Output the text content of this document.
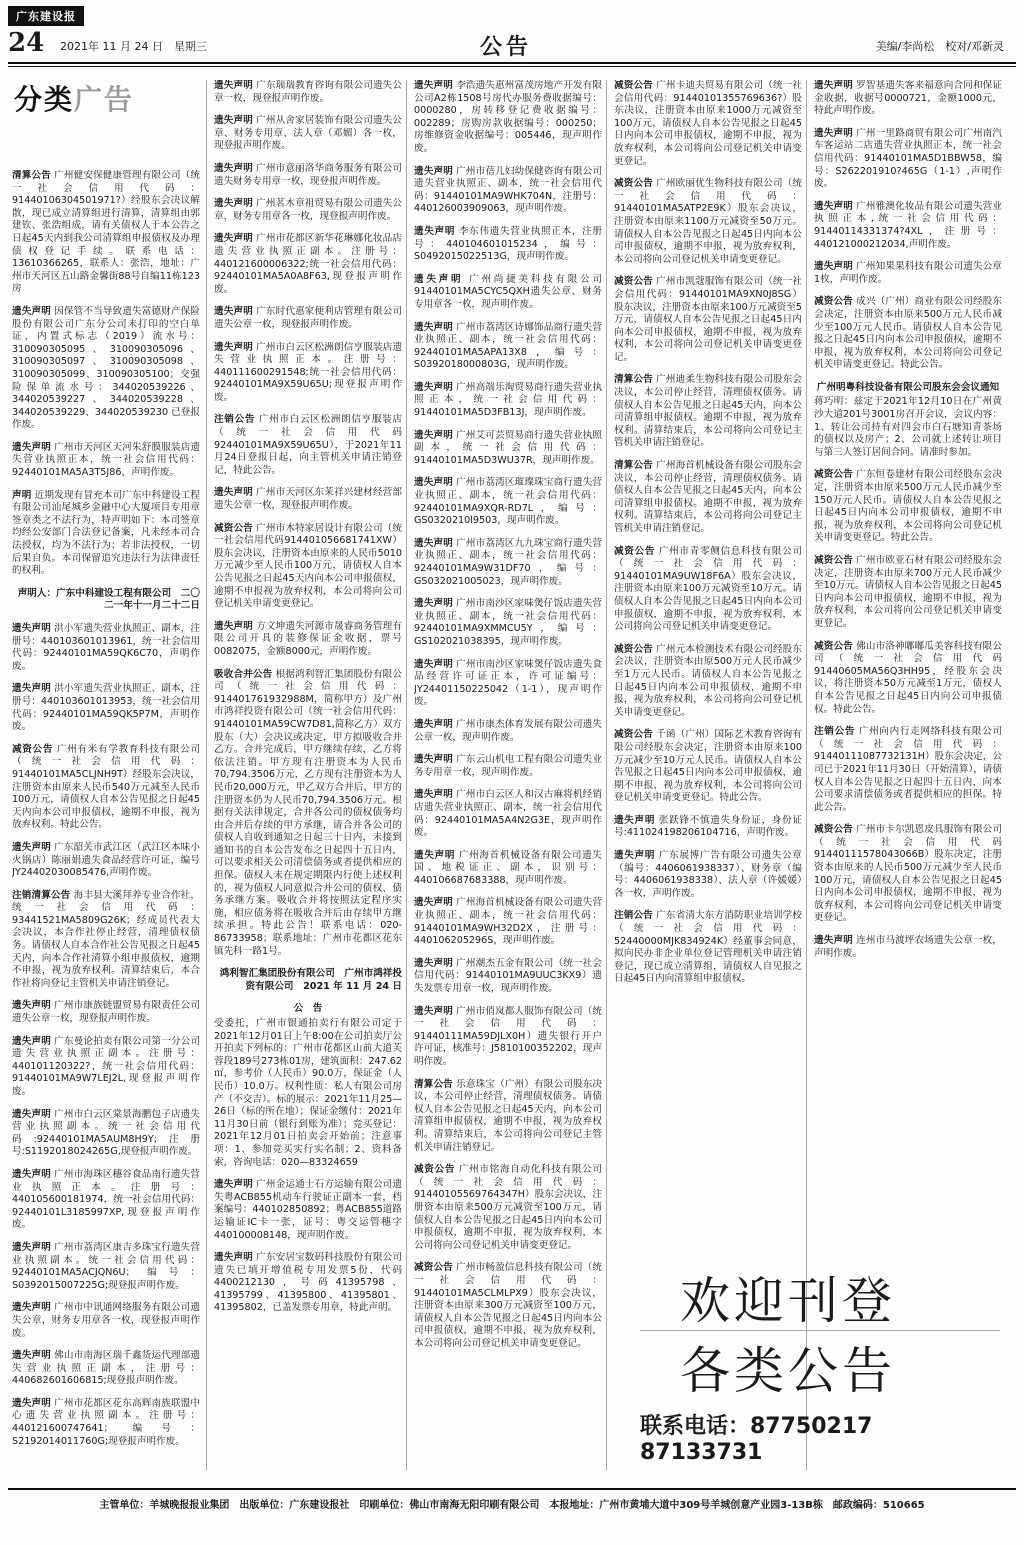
广东建设报
24 2021年 11 月 24 日　星期三	公告	美编/李尚松　校对/邓新灵
分类广告
清算公告 广州健安保健康管理有限公司（统一社会信用代码：91440106304501971?）经股东会决议解散，现已成立清算组进行清算，清算组由郭建钦、张浩组成，请有关债权人于本公告之日起45天内到我公司清算组申报债权及办理债权登记手续。联系电话：13610366265，联系人：张浩，地址：广州市天河区五山路金馨街88号自编11栋123房
遗失声明 因保管不当导致遗失富德财产保险股份有限公司广东分公司未打印的空白单证，内置式标志（2019）流水号：310090305095、310090305096、310090305097、310090305098、310090305099、310090305100；交强险保单流水号：344020539226、344020539227、344020539228、344020539229、344020539230 已登报作废。
遗失声明 广州市天河区天河朱舒膜服装店遗失营业执照正本，统一社会信用代码：92440101MA5A3T5J86，声明作废。
声明 近期发现有冒充本司广东中科建设工程有限公司汕尾城乡金融中心大厦项目专用章签章类之不法行为，特声明如下：本司签章均经公安部门合法登记备案，凡未经本司合法授权，均为不法行为；若非法授权，一切后果自负。本司保留追究违法行为法律责任的权利。
声明人：广东中科建设工程有限公司　二〇二一年十一月二十二日
遗失声明 洪小军遗失营业执照正、副本，注册号：440103601013961，统一社会信用代码：92440101MA59QK6C70，声明作废。
遗失声明 洪小军遗失营业执照正、副本，注册号：440103601013953，统一社会信用代码：92440101MA59QK5P7M，声明作废。
减资公告 广州有米有学教育科技有限公司（统一社会信用代码：91440101MA5CLJNH9T）经股东会决议，注册资本由原来人民币540万元减至人民币100万元，请债权人自本公告见报之日起45天内向本公司申报债权，逾期不申报，视为放弃权利。特此公告。
遗失声明 广东韶关市武江区（武江区本味小火锅店）陈丽娟遗失食品经营许可证，编号JY24402030085476,声明作废。
注销清算公告 海丰县大溪拜养专业合作社，统一社会信用代码：93441521MA5809G26K；经成员代表大会决议，本合作社停止经营，清理债权债务。请债权人自本合作社公告见报之日起45天内，向本合作社清算小组申报债权，逾期不申报，视为放弃权利。清算结束后，本合作社将向登记主管机关申请注销登记。
遗失声明 广州市康族链盟贸易有限责任公司遗失公章一枚，现登报声明作废。
遗失声明 广东曼论拍卖有限公司第一分公司遗失营业执照正副本。注册号：440101120322?，统一社会信用代码：91440101MA9W7LEJ2L,现登报声明作废。
遗失声明 广州市白云区棠景海鹏包子店遗失营业执照副本。统一社会信用代码:92440101MA5AUM8H9Y;注册号:S1192018024265G,现登报声明作废。
遗失声明 广州市海珠区穗谷食品南行遗失营业执照正本。注册号：440105600181974，统一社会信用代码：92440101L3185997XP,现登报声明作废。
遗失声明 广州市荔湾区康吉多珠宝行遗失营业执照副本。统一社会信用代码：92440101MA5ACJQN6U；编号：S0392015007225G;现登报声明作废。
遗失声明 广州市中讯通网络服务有限公司遗失公章，财务专用章各一枚，现登报声明作废。
遗失声明 佛山市南海区瑞千鑫货运代理部遗失营业执照正副本，注册号：440682601606815;现登报声明作废。
遗失声明 广州市花都区花东高辉南族联盟中心遗失营业执照副本。注册号：440121600747641；编号：S2192014011760G;现登报声明作废。
遗失声明 广东瑞瑞教育咨询有限公司遗失公章一枚，现登报声明作废。
遗失声明 广州从舍家居装饰有限公司遗失公章、财务专用章、法人章（邓媚）各一枚，现登报声明作废。
遗失声明 广州市意丽洛华商务服务有限公司遗失财务专用章一枚，现登报声明作废。
遗失声明 广州茗木章祖贸易有限公司遗失公章，财务专用章各一枚，现登报声明作废。
遗失声明 广州市花都区新华花琳娜化妆品店遗失营业执照正副本。注册号：440121600006322;统一社会信用代码：92440101MA5A0A8F63,现登报声明作废。
遗失声明 广东时代惠家便利店管理有限公司遗失公章一枚，现登报声明作废。
遗失声明 广州市白云区松洲朗信亨服装店遗失营业执照正本。注册号：440111600291548;统一社会信用代码：92440101MA9X59U65U;现登报声明作废。
注销公告 广州市白云区松洲朗信亨服装店（统一社会信用代码92440101MA9X59U65U），于2021年11月24日登报日起，向主管机关申请注销登记，特此公告。
遗失声明 广州市天河区东茉祥兴建材经营部遗失公章一枚，现登报声明作废。
减资公告 广州市木特家居设计有限公司（统一社会信用代码914401056681741XW）股东会决议，注册资本由原来的人民币5010万元减少至人民币100万元，请债权人自本公告见报之日起45天内向本公司申报债权，逾期不申报视为放弃权利，本公司将向公司登记机关申请变更登记。
遗失声明 方文坤遗失河源市晟睿商务管理有限公司开具的装修保证金收据，票号0082075，金额8000元，声明作废。
吸收合并公告 根据鸿利智汇集团股份有限公司（统一社会信用代码：914401761932988M，简称甲方）及广州市鸿祥投资有限公司（统一社会信用代码：91440101MA59CW7D81,简称乙方）双方股东（大）会决议或决定，甲方拟吸收合并乙方。合并完成后，甲方继续存续，乙方将依法注销。甲方现有注册资本为人民币70,794.3506万元，乙方现有注册资本为人民币20,000万元，甲乙双方合并后，甲方的注册资本仍为人民币70,794.3506万元。根据有关法律规定，合并各公司的债权债务均由合并后存续的甲方承继，请合并各公司的债权人自收到通知之日起三十日内，未接到通知书的自本公告发布之日起四十五日内，可以要求相关公司清偿债务或者提供相应的担保。债权人未在规定期限内行使上述权利的，视为债权人同意拟合并公司的债权、债务承继方案。吸收合并将按照法定程序实施，相应债务将在吸收合并后由存续甲方继续承担。特此公告！联系电话：020-86733958；联系地址：广州市花都区花东镇先科一路1号。
鸿利智汇集团股份有限公司　广州市鸿祥投资有限公司　2021 年 11 月 24 日
公　告
受委托，广州市银通拍卖行有限公司定于2021年12月01日上午8:00在公司拍卖厅公开拍卖下列标的：广州市花都区山前大道芙蓉段189号273栋01房，建筑面积：247.62㎡，参考价（人民币）90.0万，保证金（人民币）10.0万。权利性质：私人有限公司房产（不交吉）。标的展示：2021年11月25—26日（标的所在地）；保证金缴付：2021年11月30日前（银行到账为准）；竞买登记：2021年12月01日拍卖会开始前；注意事项：1、参加竞买实行实名制；2、资料备索，咨询电话：020—83324659
遗失声明 广州金运通士石方运输有限公司遗失粤ACB855机动车行驶证正副本一套，档案编号：440102850892；粤ACB855道路运输证IC卡一张，证号：粤交运管穗字440100008148，现声明作废。
遗失声明 广东安居宝数码科技股份有限公司遗失已填开增值税专用发票5份，代码4400212130，号码41395798、41395799、41395800、41395801、41395802，已盖发票专用章，特此声明。
遗失声明 李浩遗失惠州富茂房地产开发有限公司A2栋1508号房代办服务费收据编号：0000280，房转移登记费收据编号：002289；房购房款收据编号：000250；房维修资金收据编号：005446，现声明作废。
遗失声明 广州市蓓儿妇幼保健咨询有限公司遗失营业执照正、副本，统一社会信用代码：91440101MA9WHK704N，注册号：440126003909063，现声明作废。
遗失声明 李东伟遗失营业执照正本，注册号：440104601015234，编号：S0492015022513G，现声明作废。
遗失声明 广州尚捷美科技有限公司91440101MA5CYC5QXH遗失公章、财务专用章各一枚，现声明作废。
遗失声明 广州市荔湾区诗娜饰品商行遗失营业执照正、副本，统一社会信用代码：92440101MA5APA13X8，编号：S0392018000803G，现声明作废。
遗失声明 广州高端乐淘贸易商行遗失营业执照正本，统一社会信用代码：91440101MA5D3FB13J，现声明作废。
遗失声明 广州艾可芸贸易商行遗失营业执照副本，统一社会信用代码：91440101MA5D3WU37R，现声明作废。
遗失声明 广州市荔湾区璀璨珠宝商行遗失营业执照正、副本，统一社会信用代码：92440101MA9XQR-RD7L，编号：GS0320210l9503，现声明作废。
遗失声明 广州市荔湾区九九珠宝商行遗失营业执照正、副本，统一社会信用代码：92440101MA9W31DF70，编号：GS032021005023，现声明作废。
遗失声明 广州市南沙区家味煲仔饭店遗失营业执照正、副本，统一社会信用代码：92440101MA9XMMCU5Y，编号：GS102021038395，现声明作废。
遗失声明 广州市南沙区家味煲仔饭店遗失食品经营许可证正本，许可证编号：JY24401150225042（1-1），现声明作废。
遗失声明 广州市康杰体育发展有限公司遗失公章一枚，现声明作废。
遗失声明 广东云山机电工程有限公司遗失业务专用章一枚，现声明作废。
遗失声明 广州市白云区人和汉古麻将机经销店遗失营业执照正、副本，统一社会信用代码：92440101MA5A4N2G3E，现声明作废。
遗失声明 广州海首机械设备有限公司遗失国、地税证正、副本，识别号：440106687683388，现声明作废。
遗失声明 广州海首机械设备有限公司遗失营业执照正、副本，统一社会信用代码：91440101MA9WH32D2X，注册号：440106205296S，现声明作废。
遗失声明 广州潮杰五金有限公司（统一社会信用代码：91440101MA9UUC3KX9）遗失发票专用章一枚，现声明作废。
遗失声明 广州市俏岚都人服饰有限公司（统一社会信用代码：91440111MA59DJLX0H）遗失银行开户许可证，核准号：J5810100352202，现声明作废。
清算公告 乐意珠宝（广州）有限公司股东决议，本公司停止经营，清理债权债务。请债权人自本公告见报之日起45天内，向本公司清算组申报债权，逾期不申报，视为放弃权利。清算结束后，本公司将向公司登记主管机关申请注销登记。
减资公告 广州市铭海自动化科技有限公司（统一社会信用代码：91440105569764347H）股东会决议，注册资本由原来500万元减资至100万元，请债权人自本公告见报之日起45日内向本公司申报债权，逾期不申报，视为放弃权利，本公司将向公司登记机关申请变更登记。
减资公告 广州市畅盈信息科技有限公司（统一社会信用代码：91440101MA5CLMLPX9）股东会决议，注册资本由原来300万元减资至100万元，请债权人自本公告见报之日起45日内向本公司申报债权，逾期不申报，视为放弃权利，本公司将向公司登记机关申请变更登记。
减资公告 广州卡迪夫贸易有限公司（统一社会信用代码：91440101355769636?）股东决议，注册资本由原来1000万元减资至100万元，请债权人自本公告见报之日起45日内向本公司申报债权，逾期不申报，视为放弃权利，本公司将向公司登记机关申请变更登记。
减资公告 广州欧丽优生物科技有限公司（统一社会信用代码：91440101MA5ATP2E9K）股东会决议，注册资本由原来1100万元减资至50万元。请债权人自本公告见报之日起45日内向本公司申报债权，逾期不申报，视为放弃权利，本公司将向公司登记机关申请变更登记。
减资公告 广州市凯蔻服饰有限公司（统一社会信用代码：91440101MA9XN0J8SG）股东决议，注册资本由原来100万元减资至5万元，请债权人自本公告见报之日起45日内向本公司申报债权，逾期不申报，视为放弃权利，本公司将向公司登记机关申请变更登记。
清算公告 广州迪柔生物科技有限公司股东会决议，本公司停止经营，清理债权债务。请债权人自本公告见报之日起45天内，向本公司清算组申报债权。逾期不申报，视为放弃权利。清算结束后，本公司将向公司登记主管机关申请注销登记。
清算公告 广州海首机械设备有限公司股东会决议，本公司停止经营，清理债权债务。请债权人自本公告见报之日起45天内，向本公司清算组申报债权。逾期不申报，视为放弃权利。清算结束后，本公司将向公司登记主管机关申请注销登记。
减资公告 广州市青零侧信息科技有限公司（统一社会信用代码：91440101MA9UW18F6A）股东会决议，注册资本由原来100万元减资至10万元。请债权人自本公告见报之日起45日内向本公司申报债权，逾期不申报，视为放弃权利，本公司将向公司登记机关申请变更登记。
减资公告 广州元本检测技术有限公司经股东会决议，注册资本由原500万元人民币减少至1万元人民币。请债权人自本公告见报之日起45日内向本公司申报债权，逾期不申报，视为放弃权利，本公司将向公司登记机关申请变更登记。
减资公告 千函（广州）国际艺术教育咨询有限公司经股东会决定，注册资本由原来100万元减少至10万元人民币。请债权人自本公告见报之日起45日内向本公司申报债权，逾期不申报，视为放弃权利，本公司将向公司登记机关申请变更登记。特此公告。
遗失声明 张跃锋不慎遗失身份证，身份证号:411024198206104716，声明作废。
遗失声明 广东展博广告有限公司遗失公章（编号：4406061938337）、财务章（编号：4406061938338）、法人章（许媛媛）各一枚，声明作废。
注销公告 广东省清大东方消防职业培训学校（统一社会信用代码：52440000MJK834924K）经董事会同意，拟向民办非企业单位登记管理机关申请注销登记，现已成立清算组，请债权人自见报之日起45日内向清算组申报债权。
遗失声明 罗智基遗失客来福意向合同和保证金收据，收据号0000721，金额1000元，特此声明作废。
遗失声明 广州一里路商贸有限公司广州南汽车客运站二店遗失营业执照正本，统一社会信用代码：91440101MA5D1BBW58，编号：S262201910?465G（1-1）,声明作废。
遗失声明 广州雅澳化妆品有限公司遗失营业执照正本,统一社会信用代码：91440114331374?4XL，注册号：440121000212034,声明作废。
遗失声明 广州知果果科技有限公司遗失公章1枚，声明作废。
减资公告 成兴（广州）商业有限公司经股东会决定，注册资本由原来500万元人民币减少至100万元人民币。请债权人自本公告见报之日起45日内向本公司申报债权，逾期不申报，视为放弃权利，本公司将向公司登记机关申请变更登记。特此公告。
广州明粤科技设备有限公司股东会会议通知
蒋巧明：兹定于2021年12月10日在广州黄沙大道201号3001房召开会议，会议内容：1、转让公司持有对四会市白石塘知青茶场的债权以及房产；2、公司就上述转让项目与第三人签订居间合同。请准时参加。
减资公告 广东恒卷建材有限公司经股东会决定，注册资本由原来500万元人民币减少至150万元人民币。请债权人自本公告见报之日起45日内向本公司申报债权，逾期不申报，视为放弃权利，本公司将向公司登记机关申请变更登记。特此公告。
减资公告 广州市欧亚石材有限公司经股东会决定，注册资本由原来700万元人民币减少至10万元。请债权人自本公告见报之日起45日内向本公司申报债权，逾期不申报，视为放弃权利，本公司将向公司登记机关申请变更登记。
减资公告 佛山市洛神嘟嘟瓜美容科技有限公司（统一社会信用代码91440605MA56Q3HH95，经股东会决议，将注册资本50万元减至1万元，债权人自本公告见报之日起45日内向公司申报债权。特此公告。
注销公告 广州向内行走网络科技有限公司（统一社会信用代码：91440111087732131H）股东会决定，公司已于2021年11月30日（开始清算），请债权人自本公告见报之日起四十五日内，向本公司要求清偿债务或者提供相应的担保。特此公告。
减资公告 广州市卡尔凯恩皮具服饰有限公司（统一社会信用代码91440111578043066B）股东决定，注册资本由原来的人民币500万元减少至人民币100万元，请债权人自本公告见报之日起45日内向本公司申报债权，逾期不申报，视为放弃权利，本公司将向公司登记机关申请变更登记。
遗失声明 连州市马渡坪农场遗失公章一枚，声明作废。
欢迎刊登
各类公告
联系电话：87750217　87133731
主管单位：羊城晚报报业集团　出版单位：广东建设报社　印刷单位：佛山市南海无阳印刷有限公司　本报地址：广州市黄埔大道中309号羊城创意产业园3-13B栋　邮政编码：510665
